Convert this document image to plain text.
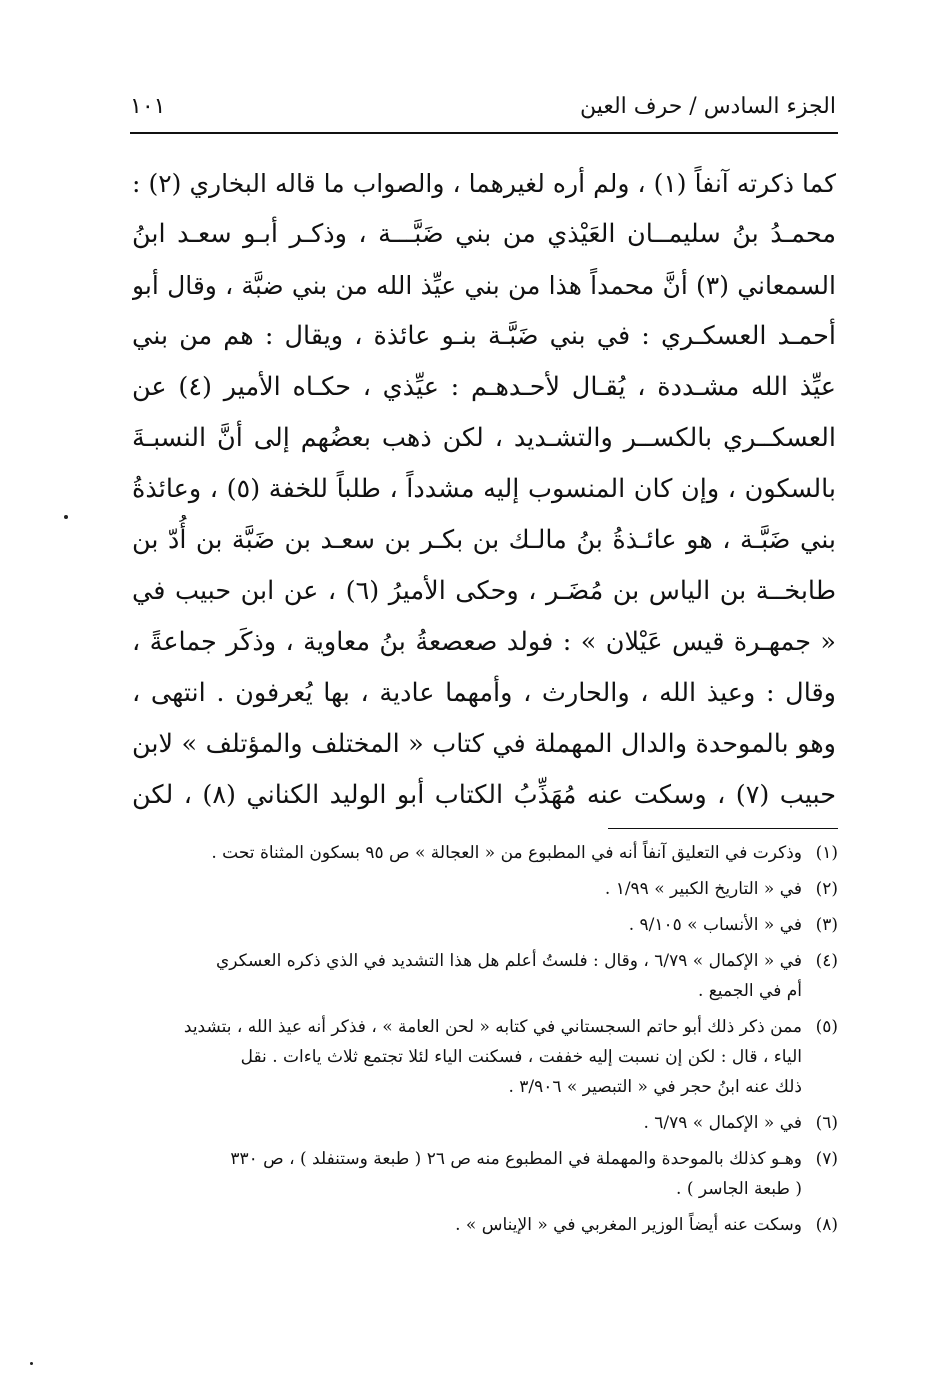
الجزء السادس / حرف العين
١٠١
كما ذكرته آنفاً (١) ، ولم أره لغيرهما ، والصواب ما قاله البخاري (٢) :
محمـدُ بنُ سليمــان العَيْذي من بني ضَبَّـــة ، وذكـر أبـو سعـد ابنُ
السمعاني (٣) أنَّ محمداً هذا من بني عيِّذ الله من بني ضبَّة ، وقال أبو
أحمـد العسكـري : في بني ضَبَّـة بنـو عائذة ، ويقال : هم من بني
عيِّذ الله مشـددة ، يُقـال لأحـدهـم : عيِّذي ، حكـاه الأمير (٤) عن
العسكــري بالكســر والتشـديد ، لكن ذهب بعضُهم إلى أنَّ النسبـةَ
بالسكون ، وإن كان المنسوب إليه مشدداً ، طلباً للخفة (٥) ، وعائذةُ
بني ضَبَّـة ، هو عائـذةُ بنُ مالـك بن بكـر بن سعـد بن ضَبَّة بن أُدّ بن
طابخــة بن الياس بن مُضَـر ، وحكى الأميرُ (٦) ، عن ابن حبيب في
« جمهـرة قيس عَيْلان » : فولد صعصعةُ بنُ معاوية ، وذكَر جماعةً ،
وقال : وعيذ الله ، والحارث ، وأمهما عادية ، بها يُعرفون . انتهى ،
وهو بالموحدة والدال المهملة في كتاب « المختلف والمؤتلف » لابن
حبيب (٧) ، وسكت عنه مُهَذِّبُ الكتاب أبو الوليد الكناني (٨) ، لكن
(١)
وذكرت في التعليق آنفاً أنه في المطبوع من « العجالة » ص ٩٥ بسكون المثناة تحت .
(٢)
في « التاريخ الكبير » ١/٩٩ .
(٣)
في « الأنساب » ٩/١٠٥ .
(٤)
في « الإكمال » ٦/٧٩ ، وقال : فلستُ أعلم هل هذا التشديد في الذي ذكره العسكري
أم في الجميع .
(٥)
ممن ذكر ذلك أبو حاتم السجستاني في كتابه « لحن العامة » ، فذكر أنه عيذ الله ، بتشديد
الياء ، قال : لكن إن نسبت إليه خففت ، فسكنت الياء لئلا تجتمع ثلاث ياءات . نقل
ذلك عنه ابنُ حجر في « التبصير » ٣/٩٠٦ .
(٦)
في « الإكمال » ٦/٧٩ .
(٧)
وهـو كذلك بالموحدة والمهملة في المطبوع منه ص ٢٦ ( طبعة وستنفلد ) ، ص ٣٣٠
( طبعة الجاسر ) .
(٨)
وسكت عنه أيضاً الوزير المغربي في « الإيناس » .
